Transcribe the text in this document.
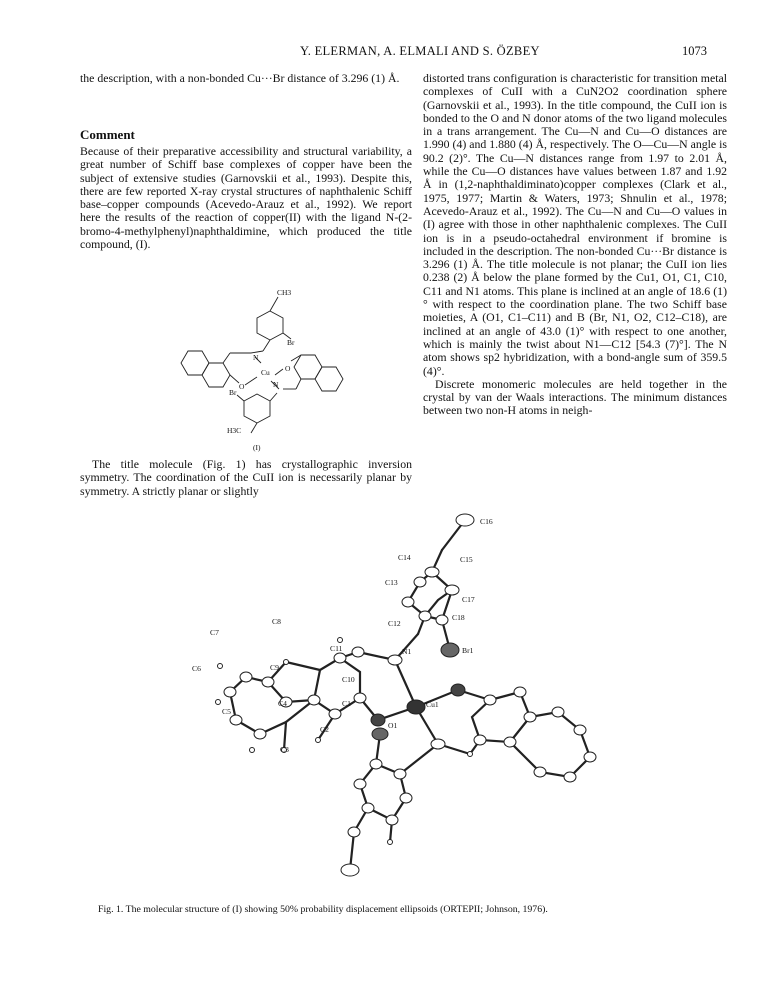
Y. ELERMAN, A. ELMALI AND S. ÖZBEY	1073

the description, with a non-bonded Cu···Br distance of 3.296 (1) Å.

Comment

Because of their preparative accessibility and structural variability, a great number of Schiff base complexes of copper have been the subject of extensive studies (Garnovskii et al., 1993). Despite this, there are few reported X-ray crystal structures of naphthalenic Schiff base–copper compounds (Acevedo-Arauz et al., 1992). We report here the results of the reaction of copper(II) with the ligand N-(2-bromo-4-methylphenyl)naphthaldimine, which produced the title compound, (I).

CH3
Br
N
O
Cu
O	N
Br
H3C
(I)

The title molecule (Fig. 1) has crystallographic inversion symmetry. The coordination of the CuII ion is necessarily planar by symmetry. A strictly planar or slightly

distorted trans configuration is characteristic for transition metal complexes of CuII with a CuN2O2 coordination sphere (Garnovskii et al., 1993). In the title compound, the CuII ion is bonded to the O and N donor atoms of the two ligand molecules in a trans arrangement. The Cu—N and Cu—O distances are 1.990 (4) and 1.880 (4) Å, respectively. The O—Cu—N angle is 90.2 (2)°. The Cu—N distances range from 1.97 to 2.01 Å, while the Cu—O distances have values between 1.87 and 1.92 Å in (1,2-naphthaldiminato)copper complexes (Clark et al., 1975, 1977; Martin & Waters, 1973; Shnulin et al., 1978; Acevedo-Arauz et al., 1992). The Cu—N and Cu—O values in (I) agree with those in other naphthalenic complexes. The CuII ion is in a pseudo-octahedral environment if bromine is included in the description. The non-bonded Cu···Br distance is 3.296 (1) Å. The title molecule is not planar; the CuII ion lies 0.238 (2) Å below the plane formed by the Cu1, O1, C1, C10, C11 and N1 atoms. This plane is inclined at an angle of 18.6 (1)° with respect to the coordination plane. The two Schiff base moieties, A (O1, C1–C11) and B (Br, N1, O2, C12–C18), are inclined at an angle of 43.0 (1)° with respect to one another, which is mainly the twist about N1—C12 [54.3 (7)°]. The N atom shows sp2 hybridization, with a bond-angle sum of 359.5 (4)°.

Discrete monomeric molecules are held together in the crystal by van der Waals interactions. The minimum distances between two non-H atoms in neigh-

C16
C14	C15
C13
C17
C12
C18
C7
C8
C11	N1	Br1
C6	C9
C10
C4	C1	Cu1
C5
O1
C2
C3
Fig. 1. The molecular structure of (I) showing 50% probability displacement ellipsoids (ORTEPII; Johnson, 1976).
